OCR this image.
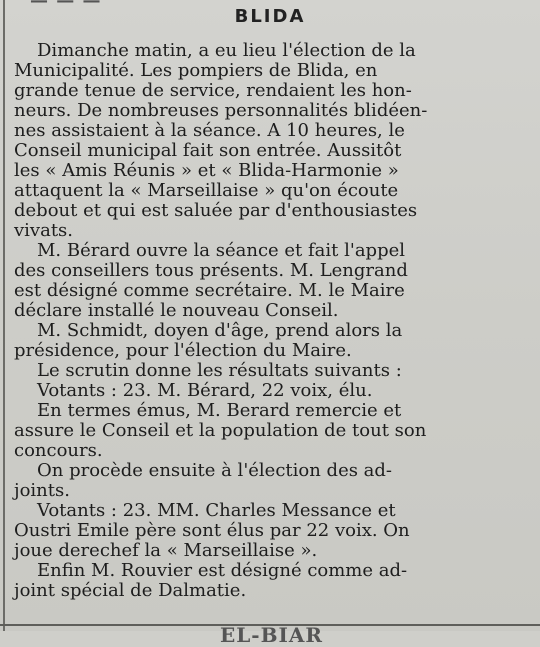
— — —
BLIDA
Dimanche matin, a eu lieu l'élection de la
Municipalité. Les pompiers de Blida, en
grande tenue de service, rendaient les hon-
neurs. De nombreuses personnalités blidéen-
nes assistaient à la séance. A 10 heures, le
Conseil municipal fait son entrée. Aussitôt
les « Amis Réunis » et « Blida-Harmonie »
attaquent la « Marseillaise » qu'on écoute
debout et qui est saluée par d'enthousiastes
vivats.
M. Bérard ouvre la séance et fait l'appel
des conseillers tous présents. M. Lengrand
est désigné comme secrétaire. M. le Maire
déclare installé le nouveau Conseil.
M. Schmidt, doyen d'âge, prend alors la
présidence, pour l'élection du Maire.
Le scrutin donne les résultats suivants :
Votants : 23. M. Bérard, 22 voix, élu.
En termes émus, M. Berard remercie et
assure le Conseil et la population de tout son
concours.
On procède ensuite à l'élection des ad-
joints.
Votants : 23. MM. Charles Messance et
Oustri Emile père sont élus par 22 voix. On
joue derechef la « Marseillaise ».
Enfin M. Rouvier est désigné comme ad-
joint spécial de Dalmatie.
EL-BIAR
